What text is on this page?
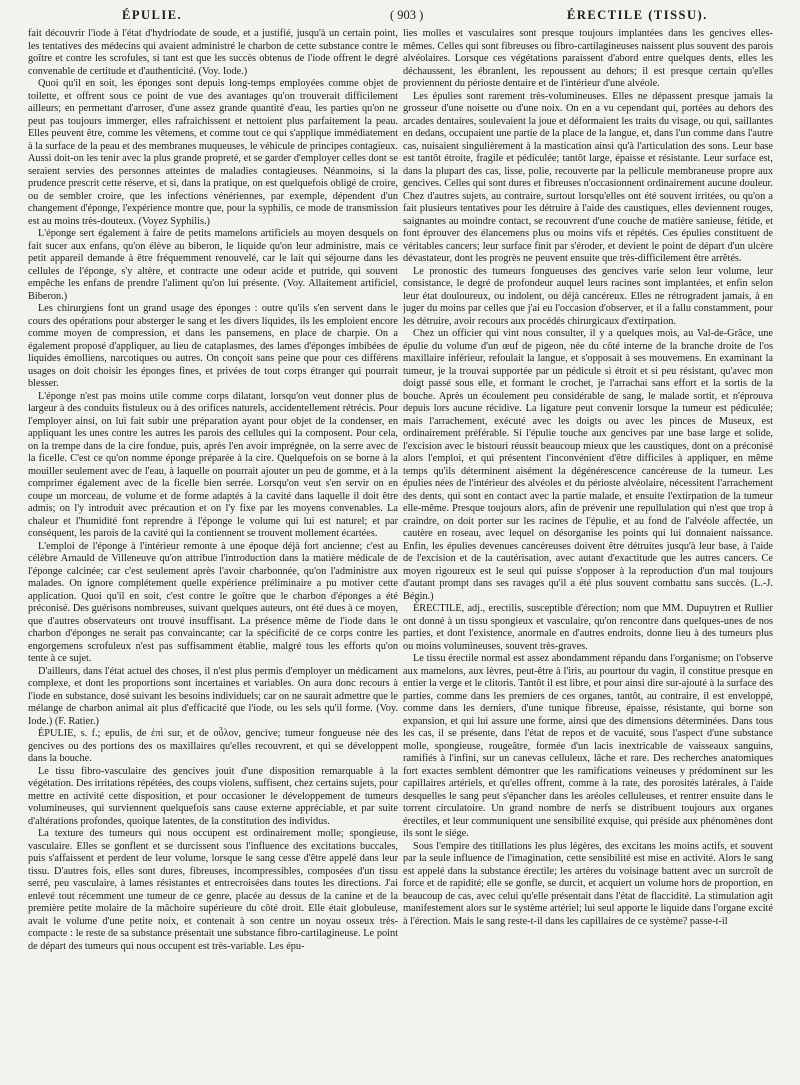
ÉPULIE.	( 903 )	ÉRECTILE (TISSU).

fait découvrir l'iode à l'état d'hydriodate de soude, et a justifié, jusqu'à un certain point, les tentatives des médecins qui avaient administré le charbon de cette substance contre le goître et contre les scrofules, si tant est que les succès obtenus de l'iode offrent le degré convenable de certitude et d'authenticité. (Voy. Iode.)

Quoi qu'il en soit, les éponges sont depuis long-temps employées comme objet de toilette, et offrent sous ce point de vue des avantages qu'on trouverait difficilement ailleurs; en permettant d'arroser, d'une assez grande quantité d'eau, les parties qu'on ne peut pas toujours immerger, elles rafraichissent et nettoient plus parfaitement la peau. Elles peuvent être, comme les vêtemens, et comme tout ce qui s'applique immédiatement à la surface de la peau et des membranes muqueuses, le véhicule de principes contagieux. Aussi doit-on les tenir avec la plus grande propreté, et se garder d'employer celles dont se seraient servies des personnes atteintes de maladies contagieuses. Néanmoins, si la prudence prescrit cette réserve, et si, dans la pratique, on est quelquefois obligé de croire, ou de sembler croire, que les infections vénériennes, par exemple, dépendent d'un changement d'éponge, l'expérience montre que, pour la syphilis, ce mode de transmission est au moins très-douteux. (Voyez Syphilis.)

L'éponge sert également à faire de petits mamelons artificiels au moyen desquels on fait sucer aux enfans, qu'on élève au biberon, le liquide qu'on leur administre, mais ce petit appareil demande à être fréquemment renouvelé, car le lait qui séjourne dans les cellules de l'éponge, s'y altère, et contracte une odeur acide et putride, qui souvent empêche les enfans de prendre l'aliment qu'on lui présente. (Voy. Allaitement artificiel, Biberon.)

Les chirurgiens font un grand usage des éponges : outre qu'ils s'en servent dans le cours des opérations pour absterger le sang et les divers liquides, ils les emploient encore comme moyen de compression, et dans les pansemens, en place de charpie. On a également proposé d'appliquer, au lieu de cataplasmes, des lames d'éponges imbibées de liquides émolliens, narcotiques ou autres. On conçoit sans peine que pour ces différens usages on doit choisir les éponges fines, et privées de tout corps étranger qui pourrait blesser.

L'éponge n'est pas moins utile comme corps dilatant, lorsqu'on veut donner plus de largeur à des conduits fistuleux ou à des orifices naturels, accidentellement rétrécis. Pour l'employer ainsi, on lui fait subir une préparation ayant pour objet de la condenser, en appliquant les unes contre les autres les parois des cellules qui la composent. Pour cela, on la trempe dans de la cire fondue, puis, après l'en avoir imprégnée, on la serre avec de la ficelle. C'est ce qu'on nomme éponge préparée à la cire. Quelquefois on se borne à la mouiller seulement avec de l'eau, à laquelle on pourrait ajouter un peu de gomme, et à la comprimer également avec de la ficelle bien serrée. Lorsqu'on veut s'en servir on en coupe un morceau, de volume et de forme adaptés à la cavité dans laquelle il doit être admis; on l'y introduit avec précaution et on l'y fixe par les moyens convenables. La chaleur et l'humidité font reprendre à l'éponge le volume qui lui est naturel; et par conséquent, les parois de la cavité qui la contiennent se trouvent mollement écartées.

L'emploi de l'éponge à l'intérieur remonte à une époque déjà fort ancienne; c'est au célèbre Arnauld de Villeneuve qu'on attribue l'introduction dans la matière médicale de l'éponge calcinée; car c'est seulement après l'avoir charbonnée, qu'on l'administre aux malades. On ignore complétement quelle expérience préliminaire a pu motiver cette application. Quoi qu'il en soit, c'est contre le goître que le charbon d'éponges a été préconisé. Des guérisons nombreuses, suivant quelques auteurs, ont été dues à ce moyen, que d'autres observateurs ont trouvé insuffisant. La présence même de l'iode dans le charbon d'éponges ne serait pas convaincante; car la spécificité de ce corps contre les engorgemens scrofuleux n'est pas suffisamment établie, malgré tous les efforts qu'on tente à ce sujet.

D'ailleurs, dans l'état actuel des choses, il n'est plus permis d'employer un médicament complexe, et dont les proportions sont incertaines et variables. On aura donc recours à l'iode en substance, dosé suivant les besoins individuels; car on ne saurait admettre que le mélange de charbon animal ait plus d'efficacité que l'iode, ou les sels qu'il forme. (Voy. Iode.) (F. Ratier.)

ÉPULIE, s. f.; epulis, de ἐπὶ sur, et de οὖλον, gencive; tumeur fongueuse née des gencives ou des portions des os maxillaires qu'elles recouvrent, et qui se développent dans la bouche.

Le tissu fibro-vasculaire des gencives jouit d'une disposition remarquable à la végétation. Des irritations répétées, des coups violens, suffisent, chez certains sujets, pour mettre en activité cette disposition, et pour occasioner le développement de tumeurs volumineuses, qui surviennent quelquefois sans cause externe appréciable, et par suite d'altérations profondes, quoique latentes, de la constitution des individus.

La texture des tumeurs qui nous occupent est ordinairement molle; spongieuse, vasculaire. Elles se gonflent et se durcissent sous l'influence des excitations buccales, puis s'affaissent et perdent de leur volume, lorsque le sang cesse d'être appelé dans leur tissu. D'autres fois, elles sont dures, fibreuses, incompressibles, composées d'un tissu serré, peu vasculaire, à lames résistantes et entrecroisées dans toutes les directions. J'ai enlevé tout récemment une tumeur de ce genre, placée au dessus de la canine et de la première petite molaire de la mâchoire supérieure du côté droit. Elle était globuleuse, avait le volume d'une petite noix, et contenait à son centre un noyau osseux très-compacte : le reste de sa substance présentait une substance fibro-cartilagineuse. Le point de départ des tumeurs qui nous occupent est très-variable. Les épu-

lies molles et vasculaires sont presque toujours implantées dans les gencives elles-mêmes. Celles qui sont fibreuses ou fibro-cartilagineuses naissent plus souvent des parois alvéolaires. Lorsque ces végétations paraissent d'abord entre quelques dents, elles les déchaussent, les ébranlent, les repoussent au dehors; il est presque certain qu'elles proviennent du périoste dentaire et de l'intérieur d'une alvéole.

Les épulies sont rarement très-volumineuses. Elles ne dépassent presque jamais la grosseur d'une noisette ou d'une noix. On en a vu cependant qui, portées au dehors des arcades dentaires, soulevaient la joue et déformaient les traits du visage, ou qui, saillantes en dedans, occupaient une partie de la place de la langue, et, dans l'un comme dans l'autre cas, nuisaient singulièrement à la mastication ainsi qu'à l'articulation des sons. Leur base est tantôt étroite, fragile et pédiculée; tantôt large, épaisse et résistante. Leur surface est, dans la plupart des cas, lisse, polie, recouverte par la pellicule membraneuse propre aux gencives. Celles qui sont dures et fibreuses n'occasionnent ordinairement aucune douleur. Chez d'autres sujets, au contraire, surtout lorsqu'elles ont été souvent irritées, ou qu'on a fait plusieurs tentatives pour les détruire à l'aide des caustiques, elles deviennent rouges, saignantes au moindre contact, se recouvrent d'une couche de matière sanieuse, fétide, et font éprouver des élancemens plus ou moins vifs et répétés. Ces épulies constituent de véritables cancers; leur surface finit par s'éroder, et devient le point de départ d'un ulcère dévastateur, dont les progrès ne peuvent ensuite que très-difficilement être arrêtés.

Le pronostic des tumeurs fongueuses des gencives varie selon leur volume, leur consistance, le degré de profondeur auquel leurs racines sont implantées, et enfin selon leur état douloureux, ou indolent, ou déjà cancéreux. Elles ne rétrogradent jamais, à en juger du moins par celles que j'ai eu l'occasion d'observer, et il a fallu constamment, pour les détruire, avoir recours aux procédés chirurgicaux d'extirpation.

Chez un officier qui vint nous consulter, il y a quelques mois, au Val-de-Grâce, une épulie du volume d'un œuf de pigeon, née du côté interne de la branche droite de l'os maxillaire inférieur, refoulait la langue, et s'opposait à ses mouvemens. En examinant la tumeur, je la trouvai supportée par un pédicule si étroit et si peu résistant, qu'avec mon doigt passé sous elle, et formant le crochet, je l'arrachai sans effort et la sortis de la bouche. Après un écoulement peu considérable de sang, le malade sortit, et n'éprouva depuis lors aucune récidive. La ligature peut convenir lorsque la tumeur est pédiculée; mais l'arrachement, exécuté avec les doigts ou avec les pinces de Museux, est ordinairement préférable. Si l'épulie touche aux gencives par une base large et solide, l'excision avec le bistouri réussit beaucoup mieux que les caustiques, dont on a préconisé alors l'emploi, et qui présentent l'inconvénient d'être difficiles à appliquer, en même temps qu'ils déterminent aisément la dégénérescence cancéreuse de la tumeur. Les épulies nées de l'intérieur des alvéoles et du périoste alvéolaire, nécessitent l'arrachement des dents, qui sont en contact avec la partie malade, et ensuite l'extirpation de la tumeur elle-même. Presque toujours alors, afin de prévenir une repullulation qui n'est que trop à craindre, on doit porter sur les racines de l'épulie, et au fond de l'alvéole affectée, un cautère en roseau, avec lequel on désorganise les points qui lui donnaient naissance. Enfin, les épulies devenues cancéreuses doivent être détruites jusqu'à leur base, à l'aide de l'excision et de la cautérisation, avec autant d'exactitude que les autres cancers. Ce moyen rigoureux est le seul qui puisse s'opposer à la reproduction d'un mal toujours d'autant prompt dans ses ravages qu'il a été plus souvent combattu sans succès. (L.-J. Bégin.)

ÉRECTILE, adj., erectilis, susceptible d'érection; nom que MM. Dupuytren et Rullier ont donné à un tissu spongieux et vasculaire, qu'on rencontre dans quelques-unes de nos parties, et dont l'existence, anormale en d'autres endroits, donne lieu à des tumeurs plus ou moins volumineuses, souvent très-graves.

Le tissu érectile normal est assez abondamment répandu dans l'organisme; on l'observe aux mamelons, aux lèvres, peut-être à l'iris, au pourtour du vagin, il constitue presque en entier la verge et le clitoris. Tantôt il est libre, et pour ainsi dire sur-ajouté à la surface des parties, comme dans les premiers de ces organes, tantôt, au contraire, il est enveloppé, comme dans les derniers, d'une tunique fibreuse, épaisse, résistante, qui borne son expansion, et qui lui assure une forme, ainsi que des dimensions déterminées. Dans tous les cas, il se présente, dans l'état de repos et de vacuité, sous l'aspect d'une substance molle, spongieuse, rougeâtre, formée d'un lacis inextricable de vaisseaux sanguins, ramifiés à l'infini, sur un canevas celluleux, lâche et rare. Des recherches anatomiques fort exactes semblent démontrer que les ramifications veineuses y prédominent sur les capillaires artériels, et qu'elles offrent, comme à la rate, des porosités latérales, à l'aide desquelles le sang peut s'épancher dans les aréoles celluleuses, et rentrer ensuite dans le torrent circulatoire. Un grand nombre de nerfs se distribuent toujours aux organes érectiles, et leur communiquent une sensibilité exquise, qui préside aux phénomènes dont ils sont le siége.

Sous l'empire des titillations les plus légères, des excitans les moins actifs, et souvent par la seule influence de l'imagination, cette sensibilité est mise en activité. Alors le sang est appelé dans la substance érectile; les artères du voisinage battent avec un surcroît de force et de rapidité; elle se gonfle, se durcit, et acquiert un volume hors de proportion, en beaucoup de cas, avec celui qu'elle présentait dans l'état de flaccidité. La stimulation agit manifestement alors sur le système artériel; lui seul apporte le liquide dans l'organe excité à l'érection. Mais le sang reste-t-il dans les capillaires de ce système? passe-t-il
